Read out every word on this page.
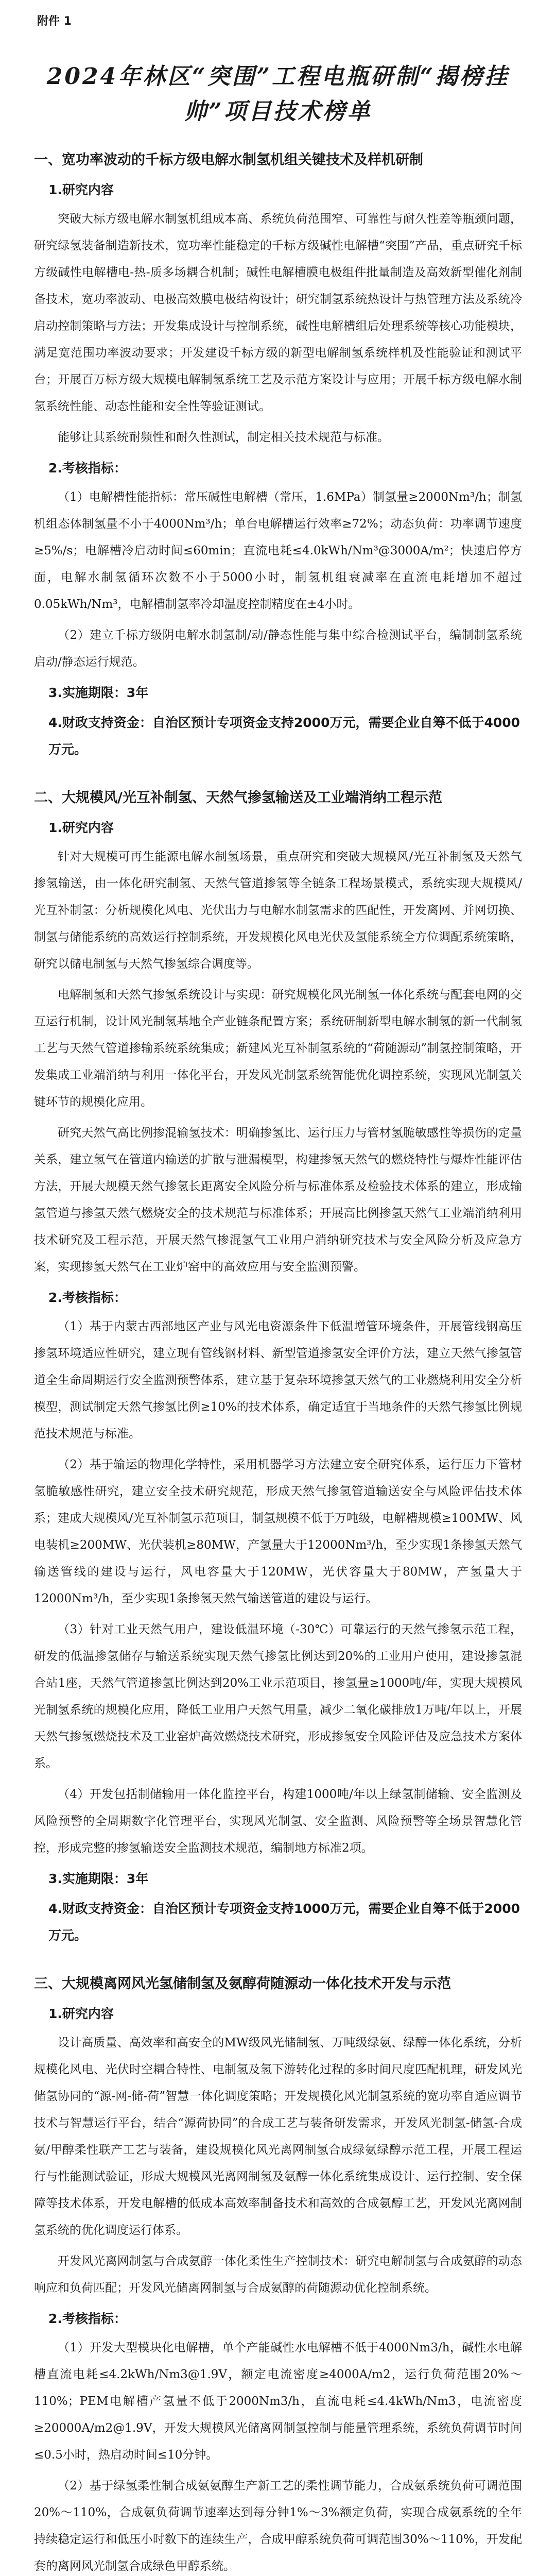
附件 1
2024年林区“突围”工程电瓶研制“揭榜挂帅”项目技术榜单
一、宽功率波动的千标方级电解水制氢机组关键技术及样机研制
1.研究内容
突破大标方级电解水制氢机组成本高、系统负荷范围窄、可靠性与耐久性差等瓶颈问题，研究绿氢装备制造新技术，宽功率性能稳定的千标方级碱性电解槽“突围”产品，重点研究千标方级碱性电解槽电-热-质多场耦合机制；碱性电解槽膜电极组件批量制造及高效新型催化剂制备技术，宽功率波动、电极高效膜电极结构设计；研究制氢系统热设计与热管理方法及系统冷启动控制策略与方法；开发集成设计与控制系统，碱性电解槽组后处理系统等核心功能模块，满足宽范围功率波动要求；开发建设千标方级的新型电解制氢系统样机及性能验证和测试平台；开展百万标方级大规模电解制氢系统工艺及示范方案设计与应用；开展千标方级电解水制氢系统性能、动态性能和安全性等验证测试。
能够让其系统耐频性和耐久性测试，制定相关技术规范与标准。
2.考核指标：
（1）电解槽性能指标：常压碱性电解槽（常压，1.6MPa）制氢量≥2000Nm³/h；制氢机组态体制氢量不小于4000Nm³/h；单台电解槽运行效率≥72%；动态负荷：功率调节速度≥5%/s；电解槽冷启动时间≤60min；直流电耗≤4.0kWh/Nm³@3000A/m²；快速启停方面，电解水制氢循环次数不小于5000小时，制氢机组衰减率在直流电耗增加不超过0.05kWh/Nm³，电解槽制氢率冷却温度控制精度在±4小时。
（2）建立千标方级阴电解水制氢制/动/静态性能与集中综合检测试平台，编制制氢系统启动/静态运行规范。
3.实施期限：3年
4.财政支持资金：自治区预计专项资金支持2000万元，需要企业自筹不低于4000万元。
二、大规模风/光互补制氢、天然气掺氢输送及工业端消纳工程示范
1.研究内容
针对大规模可再生能源电解水制氢场景，重点研究和突破大规模风/光互补制氢及天然气掺氢输送，由一体化研究制氢、天然气管道掺氢等全链条工程场景模式，系统实现大规模风/光互补制氢：分析规模化风电、光伏出力与电解水制氢需求的匹配性，开发离网、并网切换、制氢与储能系统的高效运行控制系统，开发规模化风电光伏及氢能系统全方位调配系统策略，研究以储电制氢与天然气掺氢综合调度等。
电解制氢和天然气掺氢系统设计与实现：研究规模化风光制氢一体化系统与配套电网的交互运行机制，设计风光制氢基地全产业链条配置方案；系统研制新型电解水制氢的新一代制氢工艺与天然气管道掺输系统系统集成；新建风光互补制氢系统的“荷随源动”制氢控制策略，开发集成工业端消纳与利用一体化平台，开发风光制氢系统智能优化调控系统，实现风光制氢关键环节的规模化应用。
研究天然气高比例掺混输氢技术：明确掺氢比、运行压力与管材氢脆敏感性等损伤的定量关系，建立氢气在管道内输送的扩散与泄漏模型，构建掺氢天然气的燃烧特性与爆炸性能评估方法，开展大规模天然气掺氢长距离安全风险分析与标准体系及检验技术体系的建立，形成输氢管道与掺氢天然气燃烧安全的技术规范与标准体系；开展高比例掺氢天然气工业端消纳利用技术研究及工程示范，开展天然气掺混氢气工业用户消纳研究技术与安全风险分析及应急方案，实现掺氢天然气在工业炉窑中的高效应用与安全监测预警。
2.考核指标：
（1）基于内蒙古西部地区产业与风光电资源条件下低温增管环境条件，开展管线钢高压掺氢环境适应性研究，建立现有管线钢材料、新型管道掺氢安全评价方法，建立天然气掺氢管道全生命周期运行安全监测预警体系，建立基于复杂环境掺氢天然气的工业燃烧利用安全分析模型，测试制定天然气掺氢比例≥10%的技术体系，确定适宜于当地条件的天然气掺氢比例规范技术规范与标准。
（2）基于输运的物理化学特性，采用机器学习方法建立安全研究体系，运行压力下管材氢脆敏感性研究，建立安全技术研究规范，形成天然气掺氢管道输送安全与风险评估技术体系；建成大规模风/光互补制氢示范项目，制氢规模不低于万吨级，电解槽规模≥100MW、风电装机≥200MW、光伏装机≥80MW，产氢量大于12000Nm³/h，至少实现1条掺氢天然气输送管线的建设与运行，风电容量大于120MW，光伏容量大于80MW，产氢量大于12000Nm³/h，至少实现1条掺氢天然气输送管道的建设与运行。
（3）针对工业天然气用户，建设低温环境（-30℃）可靠运行的天然气掺氢示范工程，研发的低温掺氢储存与输送系统实现天然气掺氢比例达到20%的工业用户使用，建设掺氢混合站1座，天然气管道掺氢比例达到20%工业示范项目，掺氢量≥1000吨/年，实现大规模风光制氢系统的规模化应用，降低工业用户天然气用量，减少二氧化碳排放1万吨/年以上，开展天然气掺氢燃烧技术及工业窑炉高效燃烧技术研究，形成掺氢安全风险评估及应急技术方案体系。
（4）开发包括制储输用一体化监控平台，构建1000吨/年以上绿氢制储输、安全监测及风险预警的全周期数字化管理平台，实现风光制氢、安全监测、风险预警等全场景智慧化管控，形成完整的掺氢输送安全监测技术规范，编制地方标准2项。
3.实施期限：3年
4.财政支持资金：自治区预计专项资金支持1000万元，需要企业自筹不低于2000万元。
三、大规模离网风光氢储制氢及氨醇荷随源动一体化技术开发与示范
1.研究内容
设计高质量、高效率和高安全的MW级风光储制氢、万吨级绿氨、绿醇一体化系统，分析规模化风电、光伏时空耦合特性、电制氢及氢下游转化过程的多时间尺度匹配机理，研发风光储氢协同的“源-网-储-荷”智慧一体化调度策略；开发规模化风光制氢系统的宽功率自适应调节技术与智慧运行平台，结合“源荷协同”的合成工艺与装备研发需求，开发风光制氢-储氢-合成氨/甲醇柔性联产工艺与装备，建设规模化风光离网制氢合成绿氨绿醇示范工程，开展工程运行与性能测试验证，形成大规模风光离网制氢及氨醇一体化系统集成设计、运行控制、安全保障等技术体系，开发电解槽的低成本高效率制备技术和高效的合成氨醇工艺，开发风光离网制氢系统的优化调度运行体系。
开发风光离网制氢与合成氨醇一体化柔性生产控制技术：研究电解制氢与合成氨醇的动态响应和负荷匹配；开发风光储离网制氢与合成氨醇的荷随源动优化控制系统。
2.考核指标：
（1）开发大型模块化电解槽，单个产能碱性水电解槽不低于4000Nm3/h，碱性水电解槽直流电耗≤4.2kWh/Nm3@1.9V，额定电流密度≥4000A/m2，运行负荷范围20%～110%；PEM电解槽产氢量不低于2000Nm3/h，直流电耗≤4.4kWh/Nm3，电流密度≥20000A/m2@1.9V，开发大规模风光储离网制氢控制与能量管理系统，系统负荷调节时间≤0.5小时，热启动时间≤10分钟。
（2）基于绿氢柔性制合成氨氨醇生产新工艺的柔性调节能力，合成氨系统负荷可调范围20%～110%，合成氨负荷调节速率达到每分钟1%～3%额定负荷，实现合成氨系统的全年持续稳定运行和低压小时数下的连续生产，合成甲醇系统负荷可调范围30%～110%，开发配套的离网风光制氢合成绿色甲醇系统。
